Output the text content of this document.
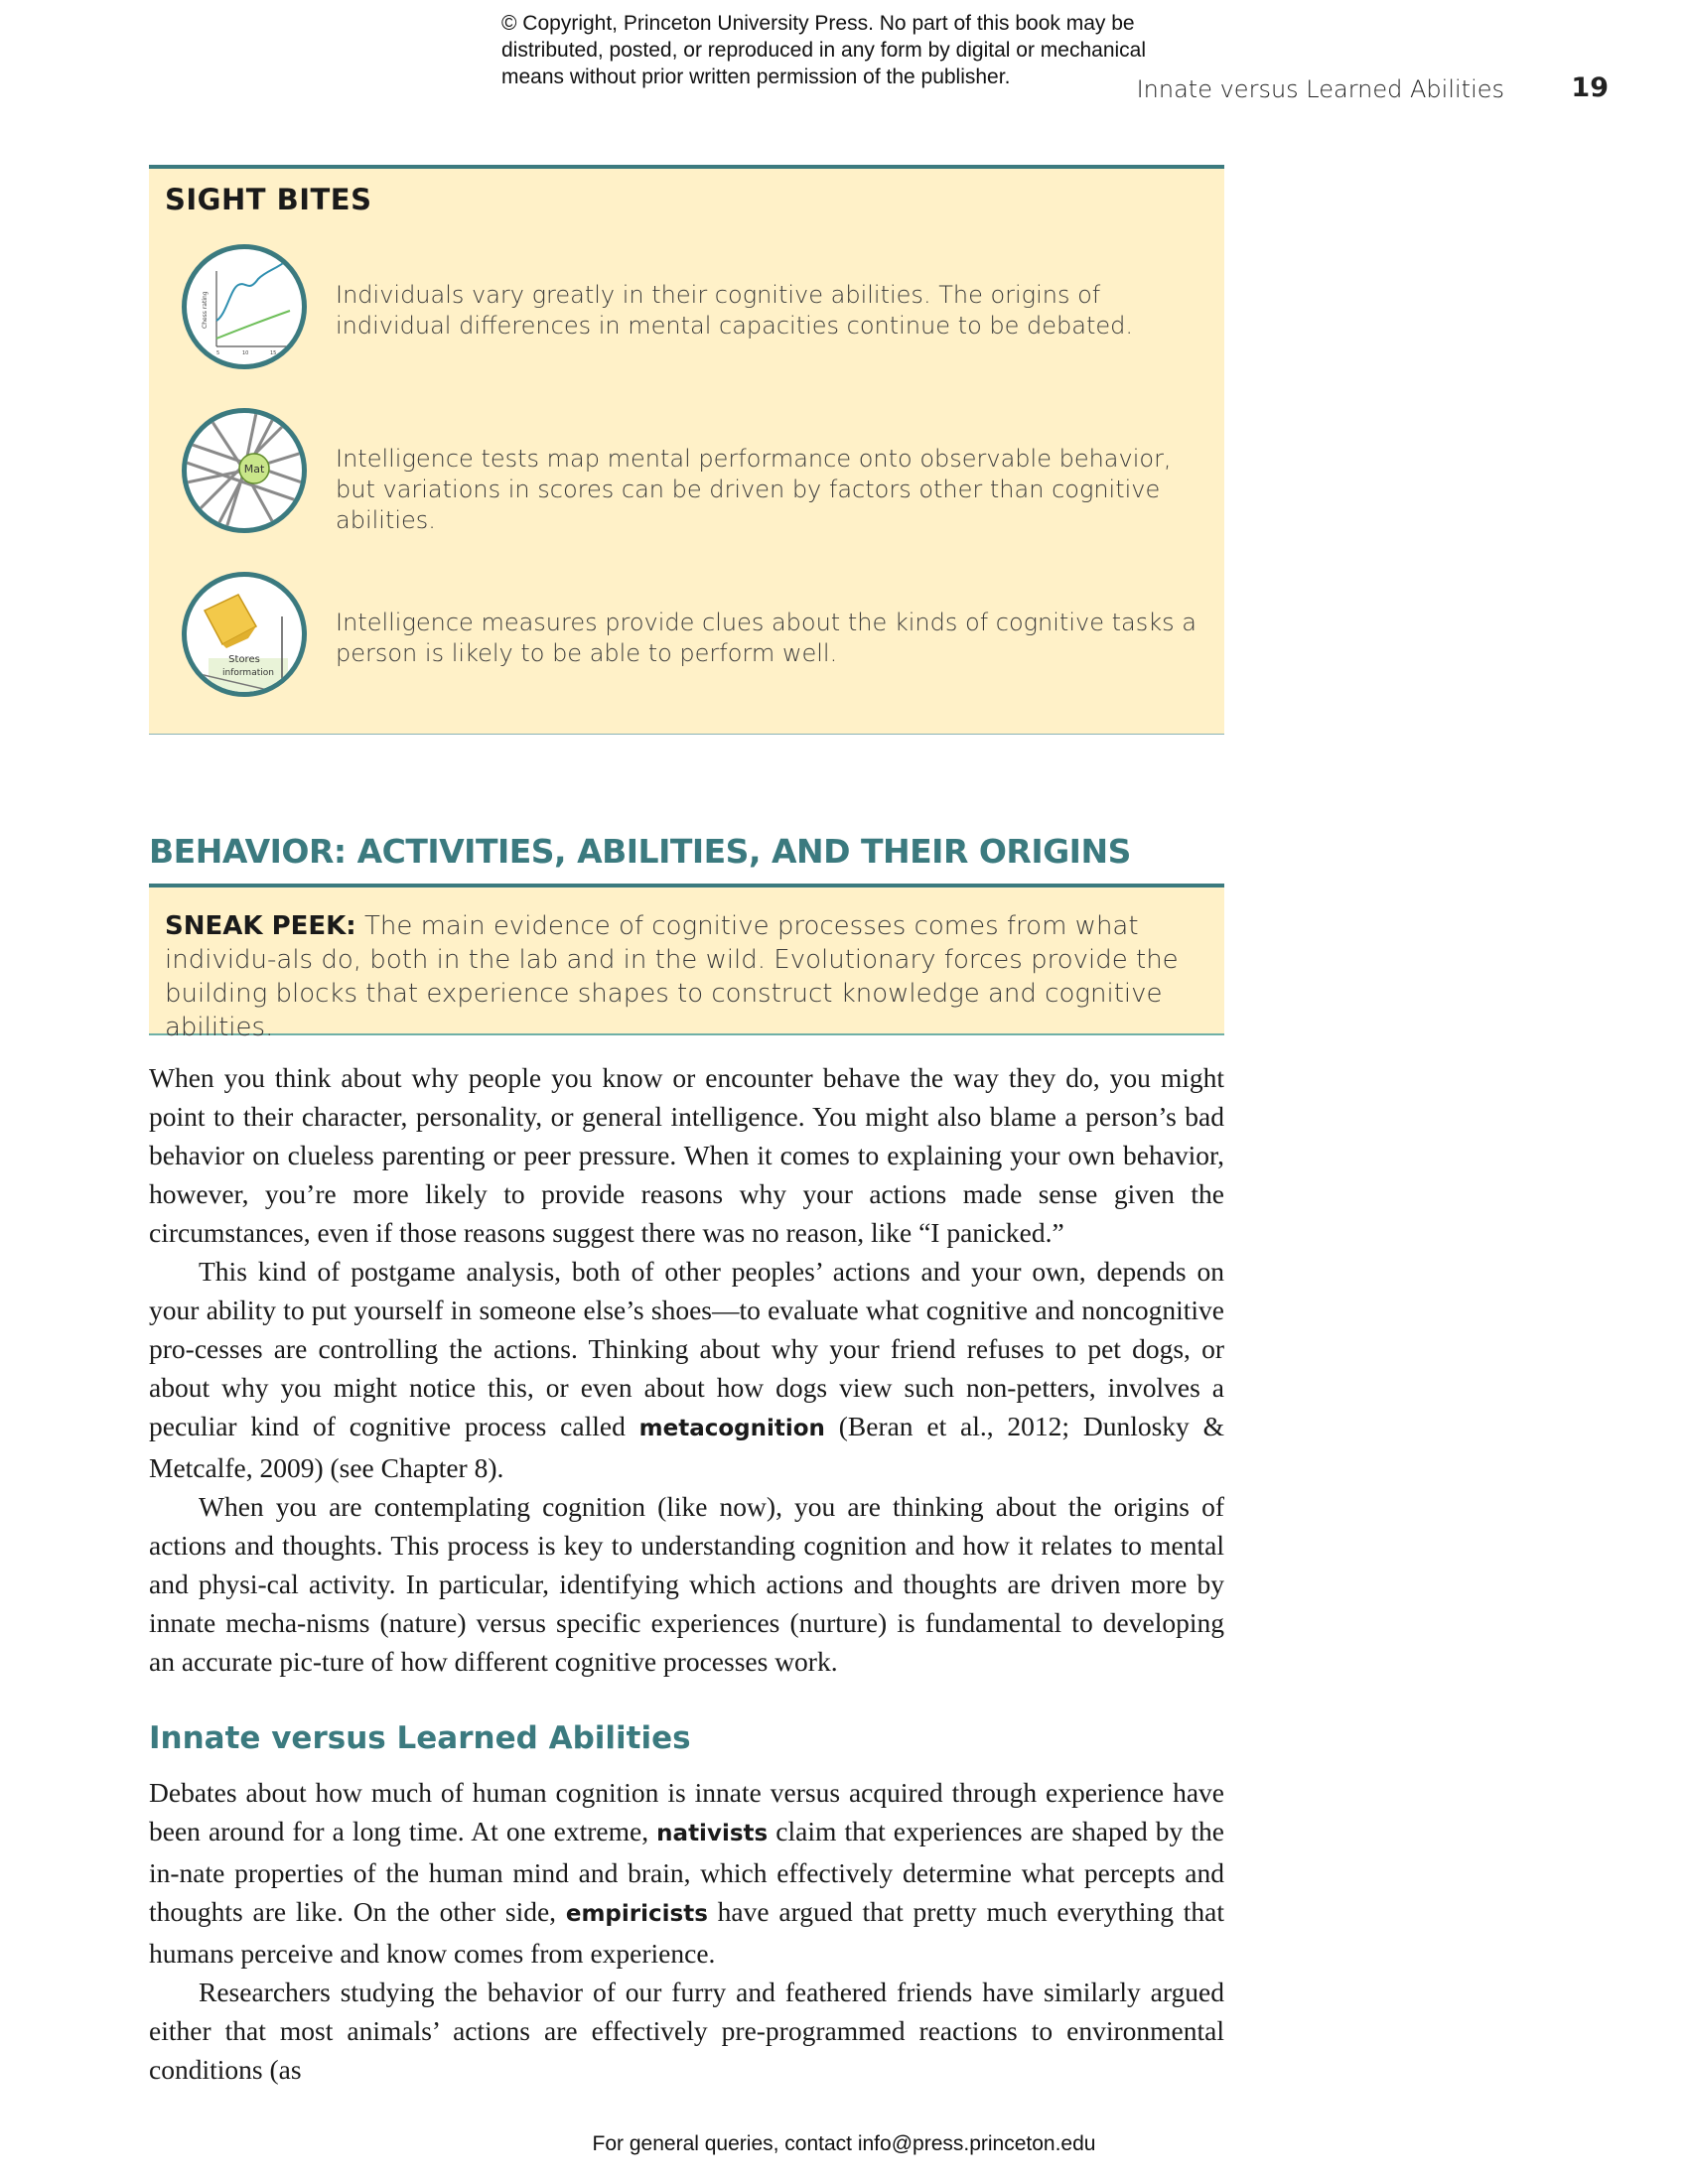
© Copyright, Princeton University Press. No part of this book may be

distributed, posted, or reproduced in any form by digital or mechanical

means without prior written permission of the publisher.	Innate versus Learned Abilities 19
SIGHT BITES
Chess rating
5	10	15
Individuals vary greatly in their cognitive abilities. The origins of individual differences in mental capacities continue to be debated.
Mat	Intelligence tests map mental performance onto observable behavior, but variations in scores can be driven by factors other than cognitive abilities.
Stores
information
Intelligence measures provide clues about the kinds of cognitive tasks a person is likely to be able to perform well.
BEHAVIOR: ACTIVITIES, ABILITIES, AND THEIR ORIGINS

SNEAK PEEK: The main evidence of cognitive processes comes from what individu-als do, both in the lab and in the wild. Evolutionary forces provide the building blocks that experience shapes to construct knowledge and cognitive abilities.

When you think about why people you know or encounter behave the way they do, you might point to their character, personality, or general intelligence. You might also blame a person’s bad behavior on clueless parenting or peer pressure. When it comes to explaining your own behavior, however, you’re more likely to provide reasons why your actions made sense given the circumstances, even if those reasons suggest there was no reason, like “I panicked.”

This kind of postgame analysis, both of other peoples’ actions and your own, depends on your ability to put yourself in someone else’s shoes—to evaluate what cognitive and noncognitive pro-cesses are controlling the actions. Thinking about why your friend refuses to pet dogs, or about why you might notice this, or even about how dogs view such non-petters, involves a peculiar kind of cognitive process called metacognition (Beran et al., 2012; Dunlosky & Metcalfe, 2009) (see Chapter 8).

When you are contemplating cognition (like now), you are thinking about the origins of actions and thoughts. This process is key to understanding cognition and how it relates to mental and physi-cal activity. In particular, identifying which actions and thoughts are driven more by innate mecha-nisms (nature) versus specific experiences (nurture) is fundamental to developing an accurate pic-ture of how different cognitive processes work.

Innate versus Learned Abilities

Debates about how much of human cognition is innate versus acquired through experience have been around for a long time. At one extreme, nativists claim that experiences are shaped by the in-nate properties of the human mind and brain, which effectively determine what percepts and thoughts are like. On the other side, empiricists have argued that pretty much everything that humans perceive and know comes from experience.

Researchers studying the behavior of our furry and feathered friends have similarly argued either that most animals’ actions are effectively pre-programmed reactions to environmental conditions (as

For general queries, contact info@press.princeton.edu
